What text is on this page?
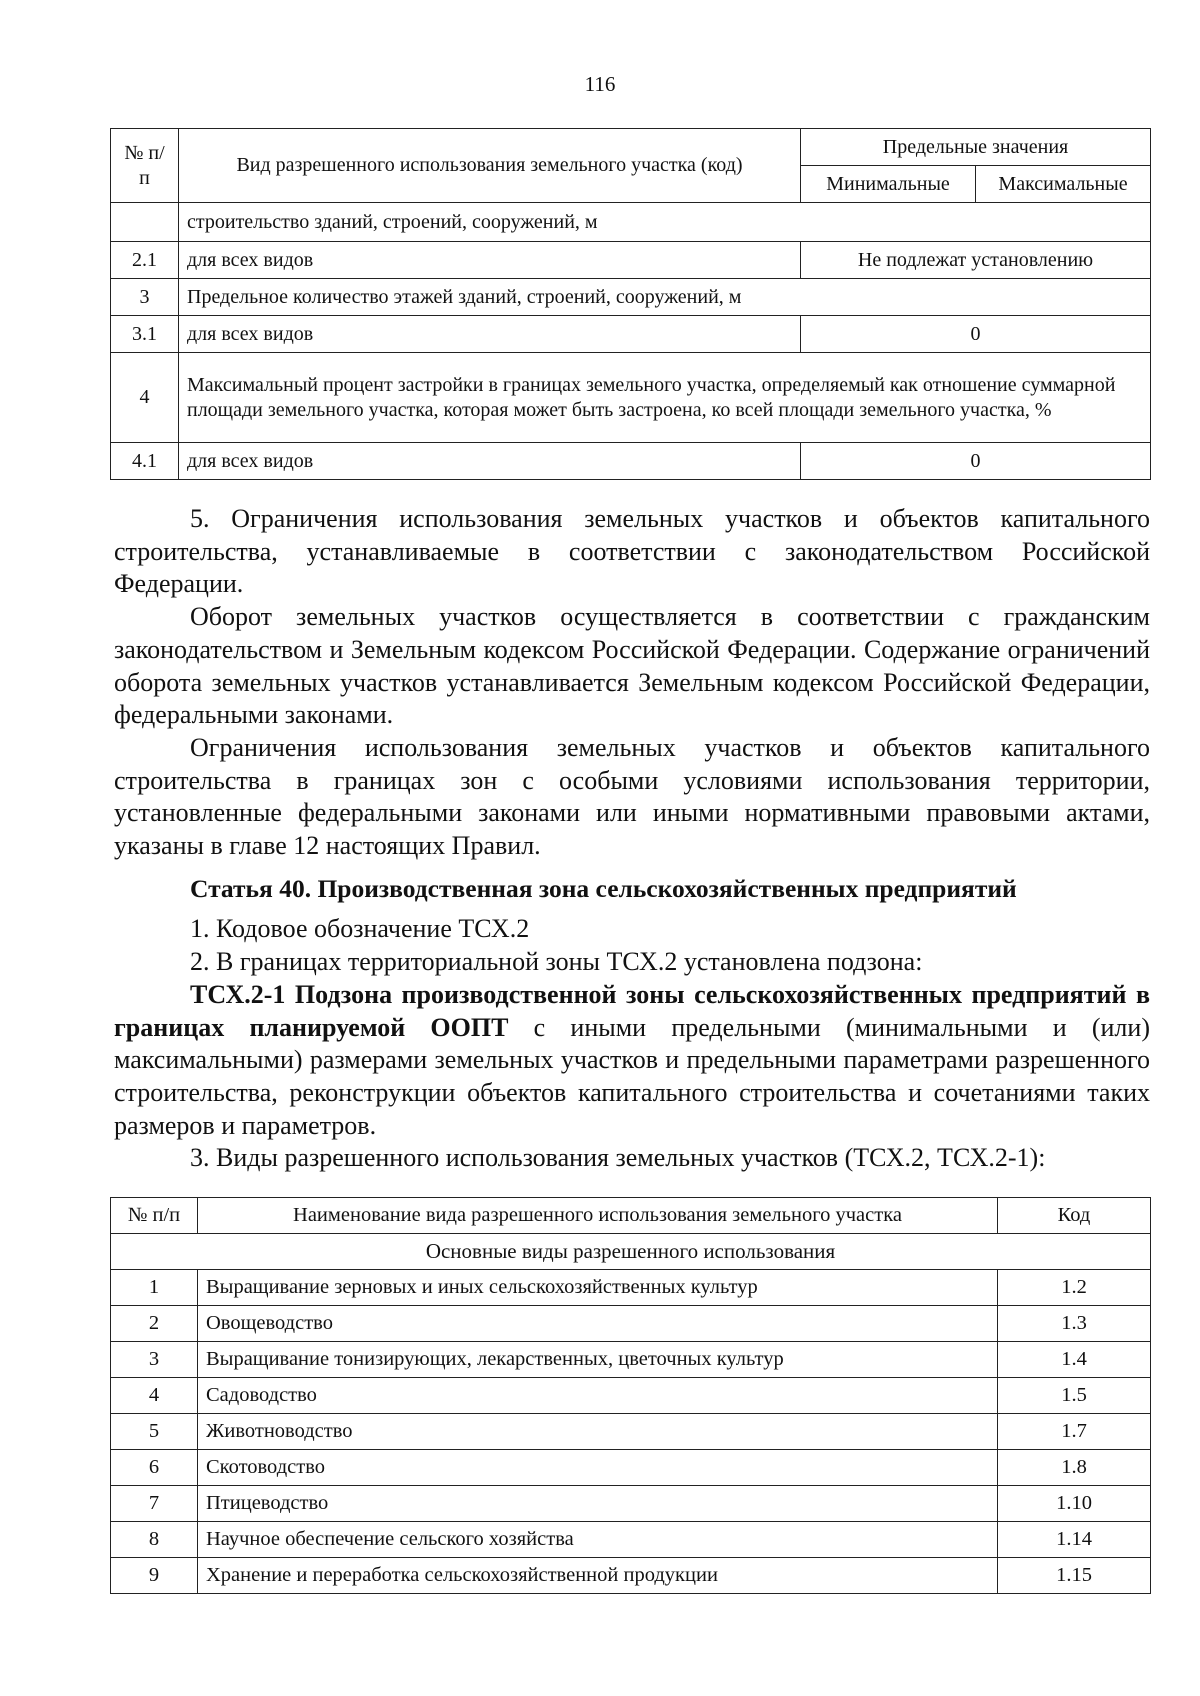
116
№ п/п	Вид разрешенного использования земельного участка (код)	Предельные значения	
		Минимальные	Максимальные
	строительство зданий, строений, сооружений, м		
2.1	для всех видов	Не подлежат установлению	
3	Предельное количество этажей зданий, строений, сооружений, м		
3.1	для всех видов	0	
4	Максимальный процент застройки в границах земельного участка, определяемый как отношение суммарной площади земельного участка, которая может быть застроена, ко всей площади земельного участка, %		
4.1	для всех видов	0	

5. Ограничения использования земельных участков и объектов капитального строительства, устанавливаемые в соответствии с законодательством Российской Федерации.

Оборот земельных участков осуществляется в соответствии с гражданским законодательством и Земельным кодексом Российской Федерации. Содержание ограничений оборота земельных участков устанавливается Земельным кодексом Российской Федерации, федеральными законами.

Ограничения использования земельных участков и объектов капитального строительства в границах зон с особыми условиями использования территории, установленные федеральными законами или иными нормативными правовыми актами, указаны в главе 12 настоящих Правил.

Статья 40. Производственная зона сельскохозяйственных предприятий

1. Кодовое обозначение ТСХ.2

2. В границах территориальной зоны ТСХ.2 установлена подзона:

ТСХ.2-1 Подзона производственной зоны сельскохозяйственных предприятий в границах планируемой ООПТ с иными предельными (минимальными и (или) максимальными) размерами земельных участков и предельными параметрами разрешенного строительства, реконструкции объектов капитального строительства и сочетаниями таких размеров и параметров.

3. Виды разрешенного использования земельных участков (ТСХ.2, ТСХ.2-1):

№ п/п	Наименование вида разрешенного использования земельного участка	Код
Основные виды разрешенного использования		
1	Выращивание зерновых и иных сельскохозяйственных культур	1.2
2	Овощеводство	1.3
3	Выращивание тонизирующих, лекарственных, цветочных культур	1.4
4	Садоводство	1.5
5	Животноводство	1.7
6	Скотоводство	1.8
7	Птицеводство	1.10
8	Научное обеспечение сельского хозяйства	1.14
9	Хранение и переработка сельскохозяйственной продукции	1.15
